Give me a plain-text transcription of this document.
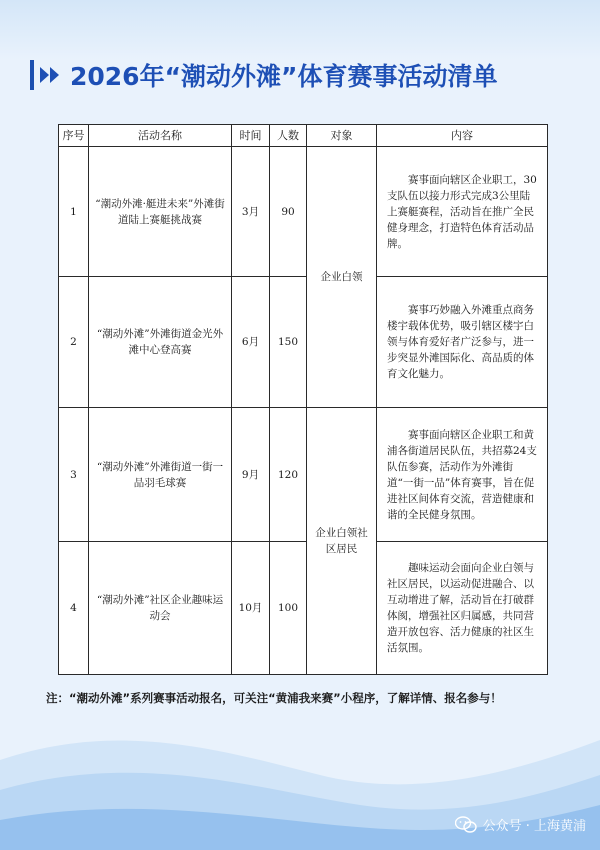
2026年“潮动外滩”体育赛事活动清单
序号	活动名称	时间	人数	对象	内容
1	“潮动外滩·艇进未来”外滩街道陆上赛艇挑战赛	3月	90	企业白领	赛事面向辖区企业职工，30支队伍以接力形式完成3公里陆上赛艇赛程，活动旨在推广全民健身理念，打造特色体育活动品牌。

2	“潮动外滩”外滩街道金光外滩中心登高赛	6月	150		赛事巧妙融入外滩重点商务楼宇载体优势，吸引辖区楼宇白领与体育爱好者广泛参与，进一步突显外滩国际化、高品质的体育文化魅力。

3	“潮动外滩”外滩街道一街一品羽毛球赛	9月	120	企业白领社区居民	赛事面向辖区企业职工和黄浦各街道居民队伍，共招募24支队伍参赛，活动作为外滩街道“一街一品”体育赛事，旨在促进社区间体育交流，营造健康和谐的全民健身氛围。

4	“潮动外滩”社区企业趣味运动会	10月	100		趣味运动会面向企业白领与社区居民，以运动促进融合、以互动增进了解，活动旨在打破群体阂，增强社区归属感，共同营造开放包容、活力健康的社区生活氛围。
注：“潮动外滩”系列赛事活动报名，可关注“黄浦我来赛”小程序，了解详情、报名参与！
公众号 · 上海黄浦
